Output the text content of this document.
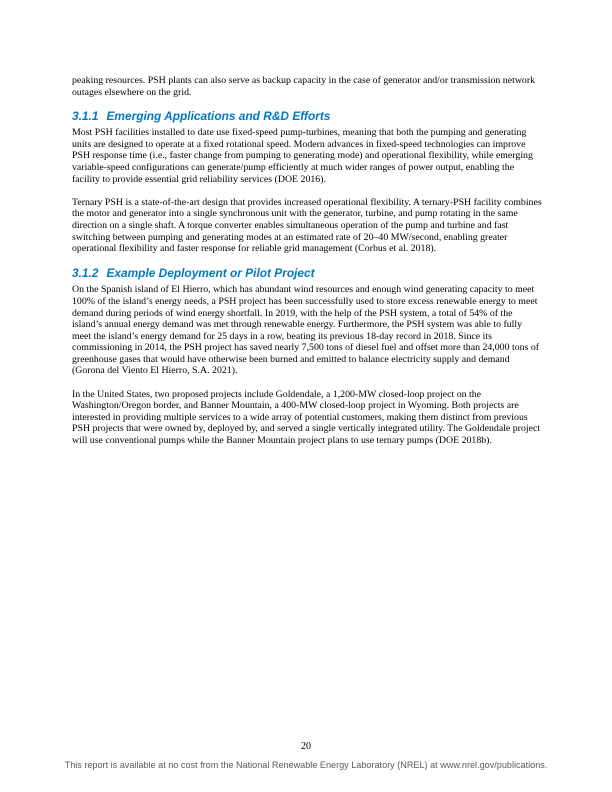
peaking resources. PSH plants can also serve as backup capacity in the case of generator and/or transmission network outages elsewhere on the grid.

3.1.1 Emerging Applications and R&D Efforts

Most PSH facilities installed to date use fixed-speed pump-turbines, meaning that both the pumping and generating units are designed to operate at a fixed rotational speed. Modern advances in fixed-speed technologies can improve PSH response time (i.e., faster change from pumping to generating mode) and operational flexibility, while emerging variable-speed configurations can generate/pump efficiently at much wider ranges of power output, enabling the facility to provide essential grid reliability services (DOE 2016).

Ternary PSH is a state-of-the-art design that provides increased operational flexibility. A ternary-PSH facility combines the motor and generator into a single synchronous unit with the generator, turbine, and pump rotating in the same direction on a single shaft. A torque converter enables simultaneous operation of the pump and turbine and fast switching between pumping and generating modes at an estimated rate of 20–40 MW/second, enabling greater operational flexibility and faster response for reliable grid management (Corbus et al. 2018).

3.1.2 Example Deployment or Pilot Project

On the Spanish island of El Hierro, which has abundant wind resources and enough wind generating capacity to meet 100% of the island’s energy needs, a PSH project has been successfully used to store excess renewable energy to meet demand during periods of wind energy shortfall. In 2019, with the help of the PSH system, a total of 54% of the island’s annual energy demand was met through renewable energy. Furthermore, the PSH system was able to fully meet the island’s energy demand for 25 days in a row, beating its previous 18-day record in 2018. Since its commissioning in 2014, the PSH project has saved nearly 7,500 tons of diesel fuel and offset more than 24,000 tons of greenhouse gases that would have otherwise been burned and emitted to balance electricity supply and demand (Gorona del Viento El Hierro, S.A. 2021).

In the United States, two proposed projects include Goldendale, a 1,200-MW closed-loop project on the Washington/Oregon border, and Banner Mountain, a 400-MW closed-loop project in Wyoming. Both projects are interested in providing multiple services to a wide array of potential customers, making them distinct from previous PSH projects that were owned by, deployed by, and served a single vertically integrated utility. The Goldendale project will use conventional pumps while the Banner Mountain project plans to use ternary pumps (DOE 2018b).

20
This report is available at no cost from the National Renewable Energy Laboratory (NREL) at www.nrel.gov/publications.
